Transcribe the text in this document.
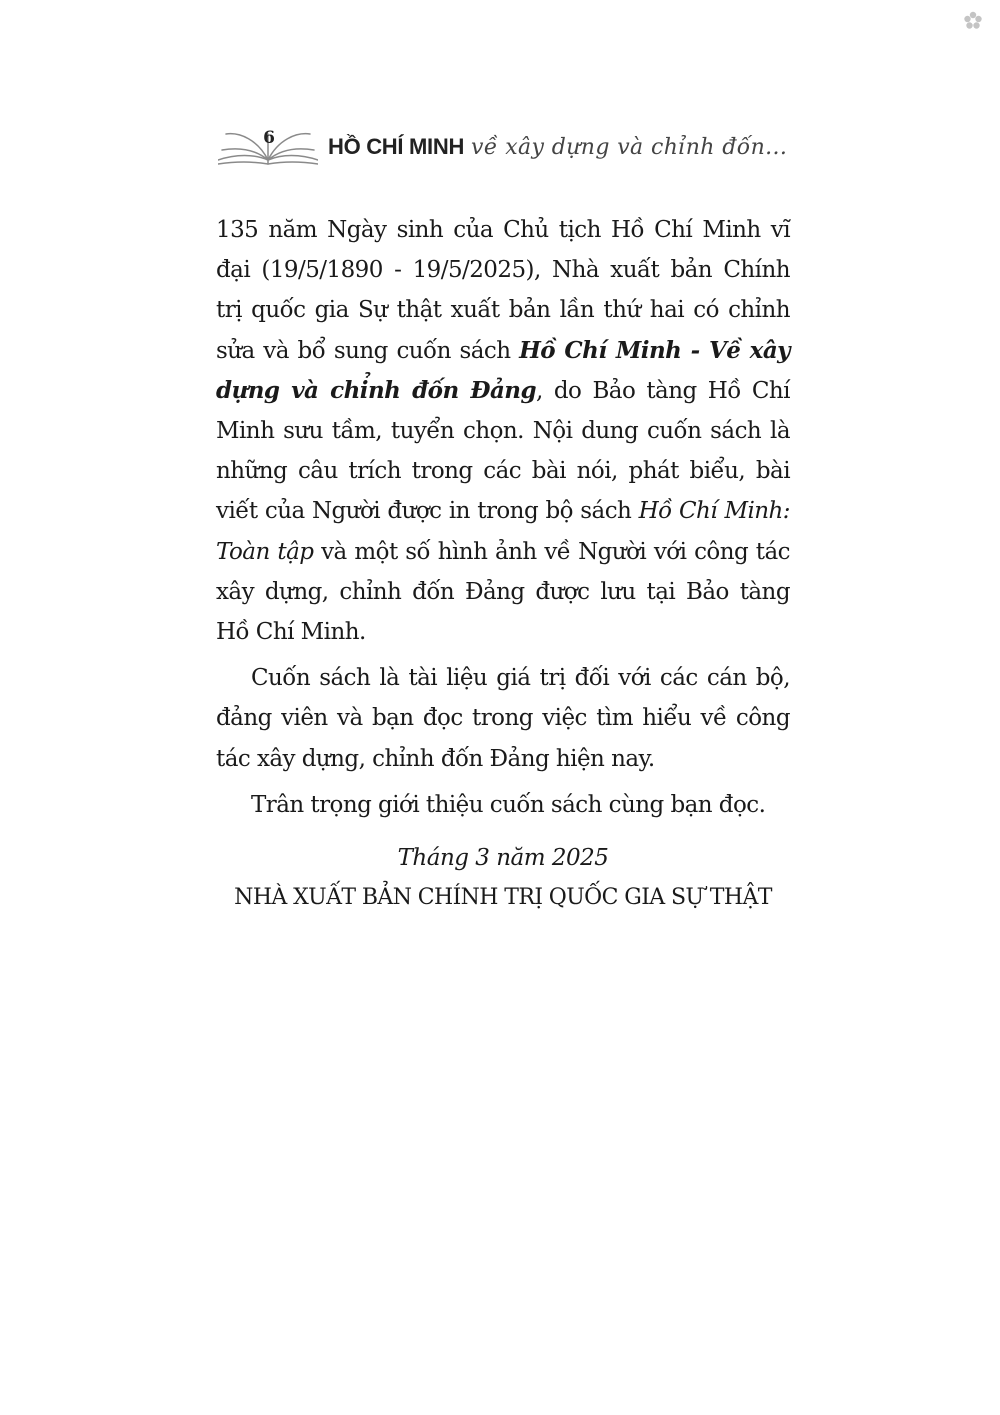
6 HỒ CHÍ MINH về xây dựng và chỉnh đốn...

135 năm Ngày sinh của Chủ tịch Hồ Chí Minh vĩ đại (19/5/1890 - 19/5/2025), Nhà xuất bản Chính trị quốc gia Sự thật xuất bản lần thứ hai có chỉnh sửa và bổ sung cuốn sách Hồ Chí Minh - Về xây dựng và chỉnh đốn Đảng, do Bảo tàng Hồ Chí Minh sưu tầm, tuyển chọn. Nội dung cuốn sách là những câu trích trong các bài nói, phát biểu, bài viết của Người được in trong bộ sách Hồ Chí Minh: Toàn tập và một số hình ảnh về Người với công tác xây dựng, chỉnh đốn Đảng được lưu tại Bảo tàng Hồ Chí Minh.

Cuốn sách là tài liệu giá trị đối với các cán bộ, đảng viên và bạn đọc trong việc tìm hiểu về công tác xây dựng, chỉnh đốn Đảng hiện nay.

Trân trọng giới thiệu cuốn sách cùng bạn đọc.

Tháng 3 năm 2025
NHÀ XUẤT BẢN CHÍNH TRỊ QUỐC GIA SỰ THẬT
